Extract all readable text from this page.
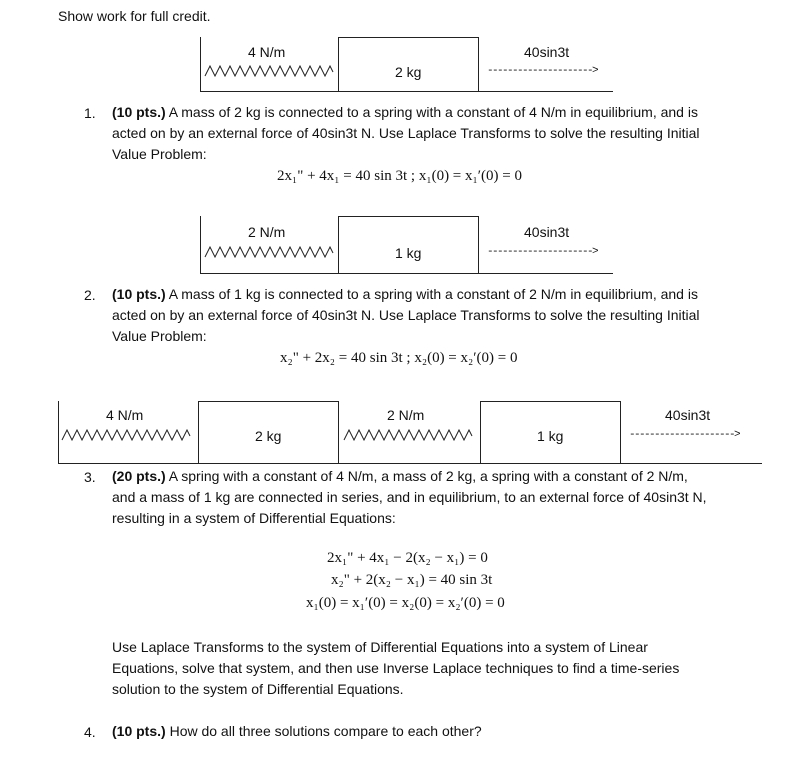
Show work for full credit.
4 N/m
2 kg
40sin3t
--------------------->
1. (10 pts.) A mass of 2 kg is connected to a spring with a constant of 4 N/m in equilibrium, and is
acted on by an external force of 40sin3t N. Use Laplace Transforms to solve the resulting Initial
Value Problem:
2x₁" + 4x₁ = 40 sin 3t ; x₁(0) = x₁′(0) = 0
2 N/m
1 kg
40sin3t
--------------------->
2. (10 pts.) A mass of 1 kg is connected to a spring with a constant of 2 N/m in equilibrium, and is
acted on by an external force of 40sin3t N. Use Laplace Transforms to solve the resulting Initial
Value Problem:
x₂" + 2x₂ = 40 sin 3t ; x₂(0) = x₂′(0) = 0
4 N/m
2 kg
2 N/m
1 kg
40sin3t
--------------------->
3. (20 pts.) A spring with a constant of 4 N/m, a mass of 2 kg, a spring with a constant of 2 N/m,
and a mass of 1 kg are connected in series, and in equilibrium, to an external force of 40sin3t N,
resulting in a system of Differential Equations:
2x₁" + 4x₁ − 2(x₂ − x₁) = 0
x₂" + 2(x₂ − x₁) = 40 sin 3t
x₁(0) = x₁′(0) = x₂(0) = x₂′(0) = 0
Use Laplace Transforms to the system of Differential Equations into a system of Linear
Equations, solve that system, and then use Inverse Laplace techniques to find a time-series
solution to the system of Differential Equations.
4. (10 pts.) How do all three solutions compare to each other?
